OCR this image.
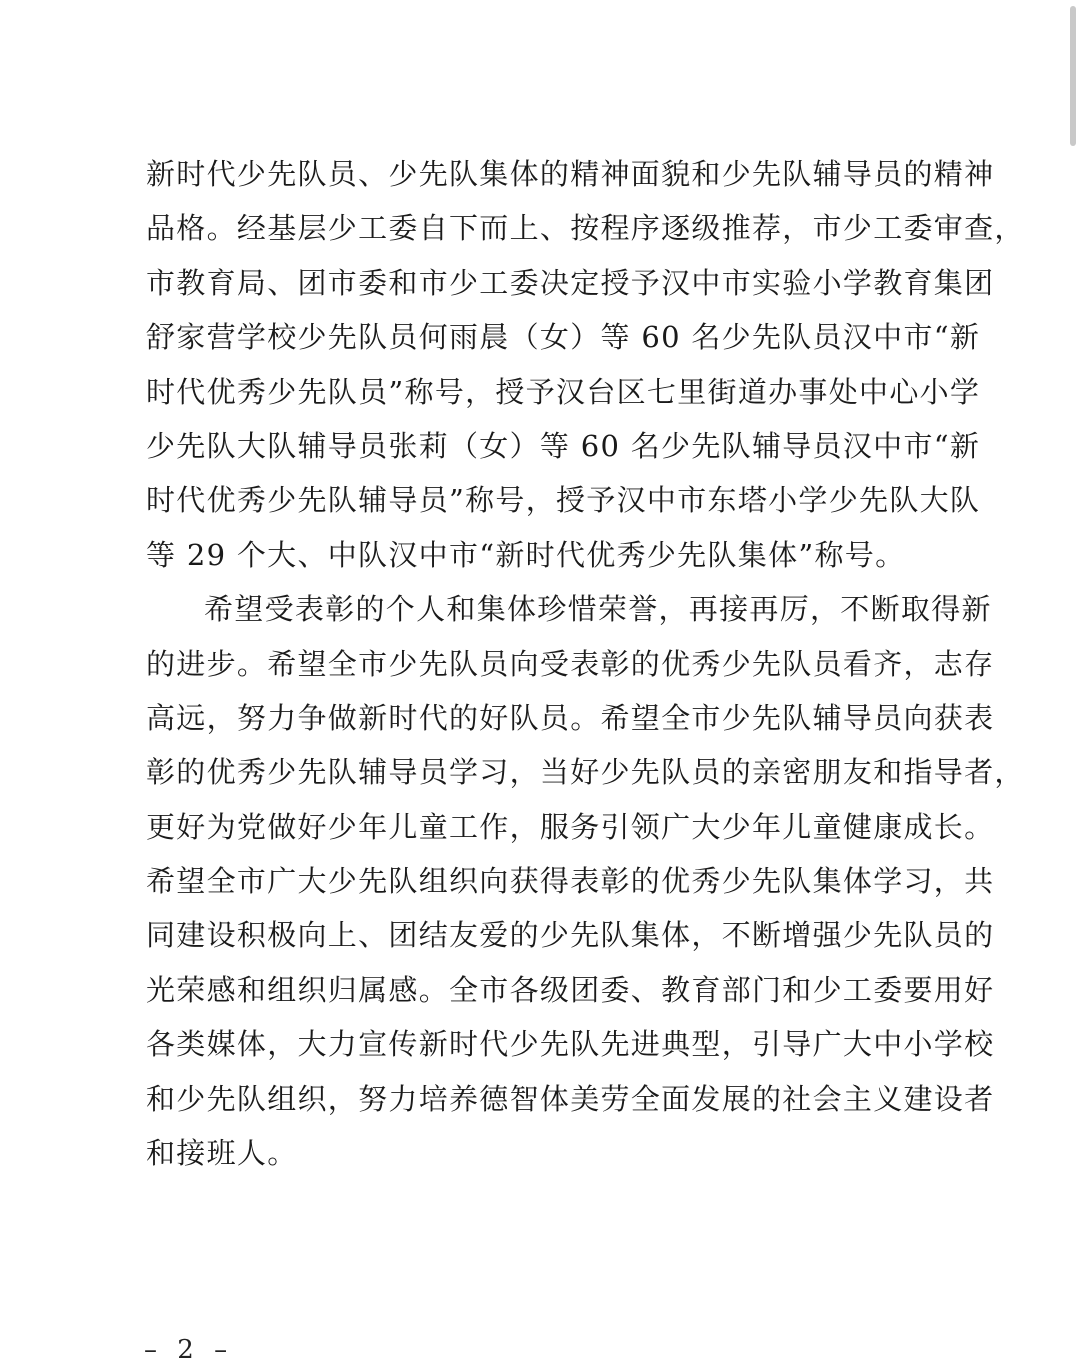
新时代少先队员、少先队集体的精神面貌和少先队辅导员的精神
品格。经基层少工委自下而上、按程序逐级推荐，市少工委审查，
市教育局、团市委和市少工委决定授予汉中市实验小学教育集团
舒家营学校少先队员何雨晨（女）等 60 名少先队员汉中市“新
时代优秀少先队员”称号，授予汉台区七里街道办事处中心小学
少先队大队辅导员张莉（女）等 60 名少先队辅导员汉中市“新
时代优秀少先队辅导员”称号，授予汉中市东塔小学少先队大队
等 29 个大、中队汉中市“新时代优秀少先队集体”称号。
希望受表彰的个人和集体珍惜荣誉，再接再厉，不断取得新
的进步。希望全市少先队员向受表彰的优秀少先队员看齐，志存
高远，努力争做新时代的好队员。希望全市少先队辅导员向获表
彰的优秀少先队辅导员学习，当好少先队员的亲密朋友和指导者，
更好为党做好少年儿童工作，服务引领广大少年儿童健康成长。
希望全市广大少先队组织向获得表彰的优秀少先队集体学习，共
同建设积极向上、团结友爱的少先队集体，不断增强少先队员的
光荣感和组织归属感。全市各级团委、教育部门和少工委要用好
各类媒体，大力宣传新时代少先队先进典型，引导广大中小学校
和少先队组织，努力培养德智体美劳全面发展的社会主义建设者
和接班人。
– 2 –
